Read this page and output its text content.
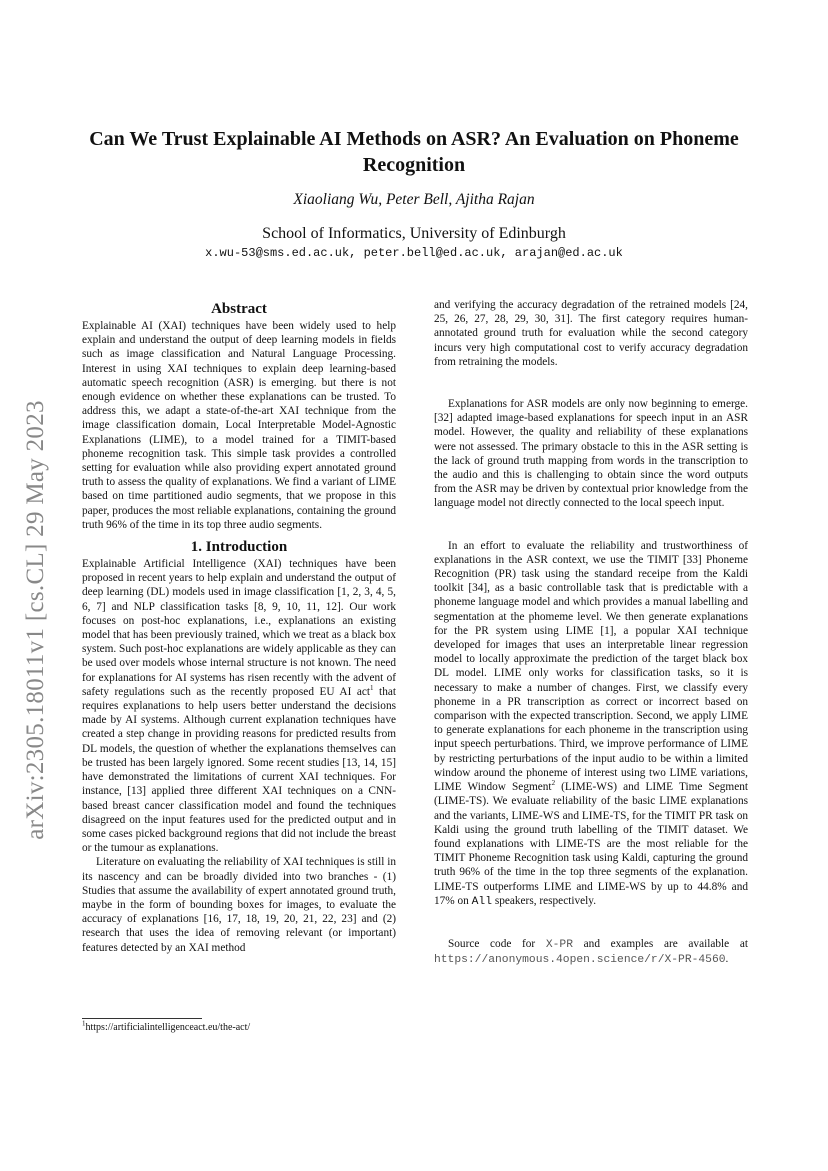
arXiv:2305.18011v1 [cs.CL] 29 May 2023
Can We Trust Explainable AI Methods on ASR? An Evaluation on Phoneme Recognition
Xiaoliang Wu, Peter Bell, Ajitha Rajan
School of Informatics, University of Edinburgh
x.wu-53@sms.ed.ac.uk, peter.bell@ed.ac.uk, arajan@ed.ac.uk
Abstract

Explainable AI (XAI) techniques have been widely used to help explain and understand the output of deep learning models in fields such as image classification and Natural Language Processing. Interest in using XAI techniques to explain deep learning-based automatic speech recognition (ASR) is emerging. but there is not enough evidence on whether these explanations can be trusted. To address this, we adapt a state-of-the-art XAI technique from the image classification domain, Local Interpretable Model-Agnostic Explanations (LIME), to a model trained for a TIMIT-based phoneme recognition task. This simple task provides a controlled setting for evaluation while also providing expert annotated ground truth to assess the quality of explanations. We find a variant of LIME based on time partitioned audio segments, that we propose in this paper, produces the most reliable explanations, containing the ground truth 96% of the time in its top three audio segments.

1. Introduction

Explainable Artificial Intelligence (XAI) techniques have been proposed in recent years to help explain and understand the output of deep learning (DL) models used in image classification [1, 2, 3, 4, 5, 6, 7] and NLP classification tasks [8, 9, 10, 11, 12]. Our work focuses on post-hoc explanations, i.e., explanations an existing model that has been previously trained, which we treat as a black box system. Such post-hoc explanations are widely applicable as they can be used over models whose internal structure is not known. The need for explanations for AI systems has risen recently with the advent of safety regulations such as the recently proposed EU AI act$^1$ that requires explanations to help users better understand the decisions made by AI systems. Although current explanation techniques have created a step change in providing reasons for predicted results from DL models, the question of whether the explanations themselves can be trusted has been largely ignored. Some recent studies [13, 14, 15] have demonstrated the limitations of current XAI techniques. For instance, [13] applied three different XAI techniques on a CNN-based breast cancer classification model and found the techniques disagreed on the input features used for the predicted output and in some cases picked background regions that did not include the breast or the tumour as explanations.

Literature on evaluating the reliability of XAI techniques is still in its nascency and can be broadly divided into two branches - (1) Studies that assume the availability of expert annotated ground truth, maybe in the form of bounding boxes for images, to evaluate the accuracy of explanations [16, 17, 18, 19, 20, 21, 22, 23] and (2) research that uses the idea of removing relevant (or important) features detected by an XAI method

and verifying the accuracy degradation of the retrained models [24, 25, 26, 27, 28, 29, 30, 31]. The first category requires human-annotated ground truth for evaluation while the second category incurs very high computational cost to verify accuracy degradation from retraining the models.

Explanations for ASR models are only now beginning to emerge. [32] adapted image-based explanations for speech input in an ASR model. However, the quality and reliability of these explanations were not assessed. The primary obstacle to this in the ASR setting is the lack of ground truth mapping from words in the transcription to the audio and this is challenging to obtain since the word outputs from the ASR may be driven by contextual prior knowledge from the language model not directly connected to the local speech input.

In an effort to evaluate the reliability and trustworthiness of explanations in the ASR context, we use the TIMIT [33] Phoneme Recognition (PR) task using the standard receipe from the Kaldi toolkit [34], as a basic controllable task that is predictable with a phoneme language model and which provides a manual labelling and segmentation at the phomeme level. We then generate explanations for the PR system using LIME [1], a popular XAI technique developed for images that uses an interpretable linear regression model to locally approximate the prediction of the target black box DL model. LIME only works for classification tasks, so it is necessary to make a number of changes. First, we classify every phoneme in a PR transcription as correct or incorrect based on comparison with the expected transcription. Second, we apply LIME to generate explanations for each phoneme in the transcription using input speech perturbations. Third, we improve performance of LIME by restricting perturbations of the input audio to be within a limited window around the phoneme of interest using two LIME variations, LIME Window Segment$^2$ (LIME-WS) and LIME Time Segment (LIME-TS). We evaluate reliability of the basic LIME explanations and the variants, LIME-WS and LIME-TS, for the TIMIT PR task on Kaldi using the ground truth labelling of the TIMIT dataset. We found explanations with LIME-TS are the most reliable for the TIMIT Phoneme Recognition task using Kaldi, capturing the ground truth 96% of the time in the top three segments of the explanation. LIME-TS outperforms LIME and LIME-WS by up to 44.8% and 17% on All speakers, respectively.

Source code for X-PR and examples are available at https://anonymous.4open.science/r/X-PR-4560.

$^1$https://artificialintelligenceact.eu/the-act/
